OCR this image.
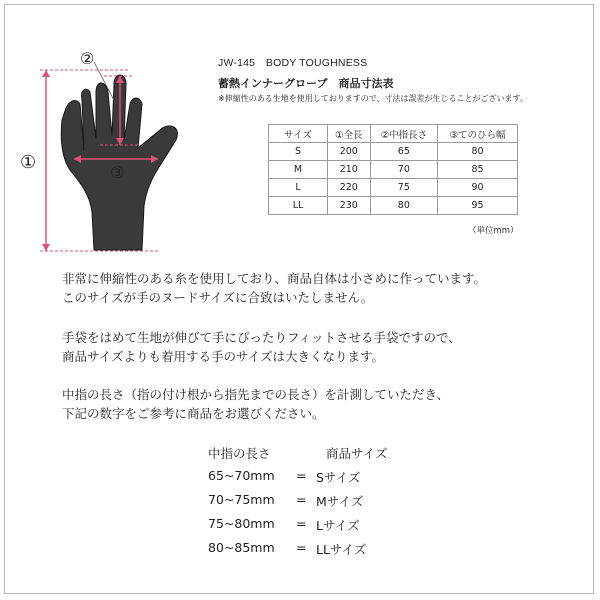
①
②
③
JW-145　BODY TOUGHNESS
蓄熱インナーグローブ　商品寸法表
※伸縮性のある生地を使用しておりますので、寸法は誤差が生じることがございます。
サイズ	①全長	②中指長さ	③てのひら幅
S	200	65	80
M	210	70	85
L	220	75	90
LL	230	80	95
（単位mm）
非常に伸縮性のある糸を使用しており、商品自体は小さめに作っています。
このサイズが手のヌードサイズに合致はいたしません。
手袋をはめて生地が伸びて手にぴったりフィットさせる手袋ですので、
商品サイズよりも着用する手のサイズは大きくなります。
中指の長さ（指の付け根から指先までの長さ）を計測していただき、
下記の数字をご参考に商品をお選びください。
中指の長さ	商品サイズ
65~70mm = Sサイズ
70~75mm = Mサイズ
75~80mm = Lサイズ
80~85mm = LLサイズ
